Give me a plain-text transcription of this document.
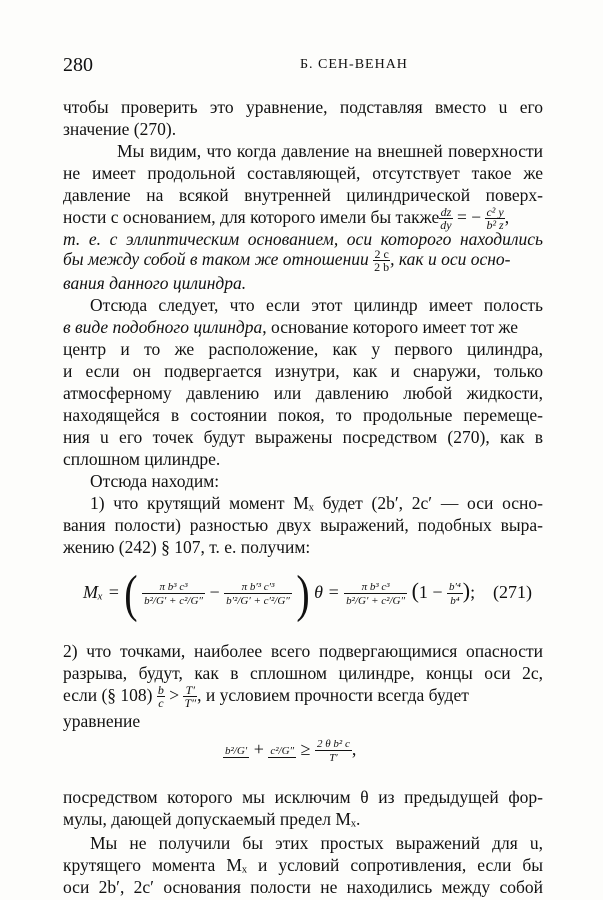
280	Б. СЕН-ВЕНАН
чтобы проверить это уравнение, подставляя вместо u его
значение (270).
Мы видим, что когда давление на внешней поверхности
не имеет продольной составляющей, отсутствует такое же
давление на всякой внутренней цилиндрической поверх-
ности с основанием, для которого имели бы также $\frac{dz}{dy}$ = − $\frac{\text{c² y}}{\text{b² z}}$ ,
т. е. с эллиптическим основанием, оси которого находились
бы между собой в таком же отношении $\frac{2 c}{2 b}$ , как и оси осно-
вания данного цилиндра.
Отсюда следует, что если этот цилиндр имеет полость
в виде подобного цилиндра, основание которого имеет тот же
центр и то же расположение, как у первого цилиндра,
и если он подвергается изнутри, как и снаружи, только
атмосферному давлению или давлению любой жидкости,
находящейся в состоянии покоя, то продольные перемеще-
ния u его точек будут выражены посредством (270), как в
сплошном цилиндре.
Отсюда находим:
1) что крутящий момент Mₓ будет (2b′, 2c′ — оси осно-
вания полости) разностью двух выражений, подобных выра-
жению (242) § 107, т. е. получим:
Mₓ = ( $\frac{\text{π b³ c³}}{\text{b²/G′ + c²/G″}} - \frac{\text{π b′³ c′³}}{\text{b′²/G′ + c′²/G″}}$ ) $\theta = \frac{\text{π b³ c³}}{\text{b²/G′ + c²/G″}} (1 - \frac{\text{b′⁴}}{\text{b⁴}}$ ); (271)
2) что точками, наиболее всего подвергающимися опасности
разрыва, будут, как в сплошном цилиндре, концы оси 2c,
если (§ $108) \frac{b}{c} > \frac{T'}{T''}$ , и условием прочности всегда будет
уравнение
$b^2/G' + c^2/G'' \ge \frac{\text{2 θ b² c}}{T'}$ ,
посредством которого мы исключим θ из предыдущей фор-
мулы, дающей допускаемый предел Mₓ.
Мы не получили бы этих простых выражений для u,
крутящего момента Mₓ и условий сопротивления, если бы
оси 2b′, 2c′ основания полости не находились между собой
